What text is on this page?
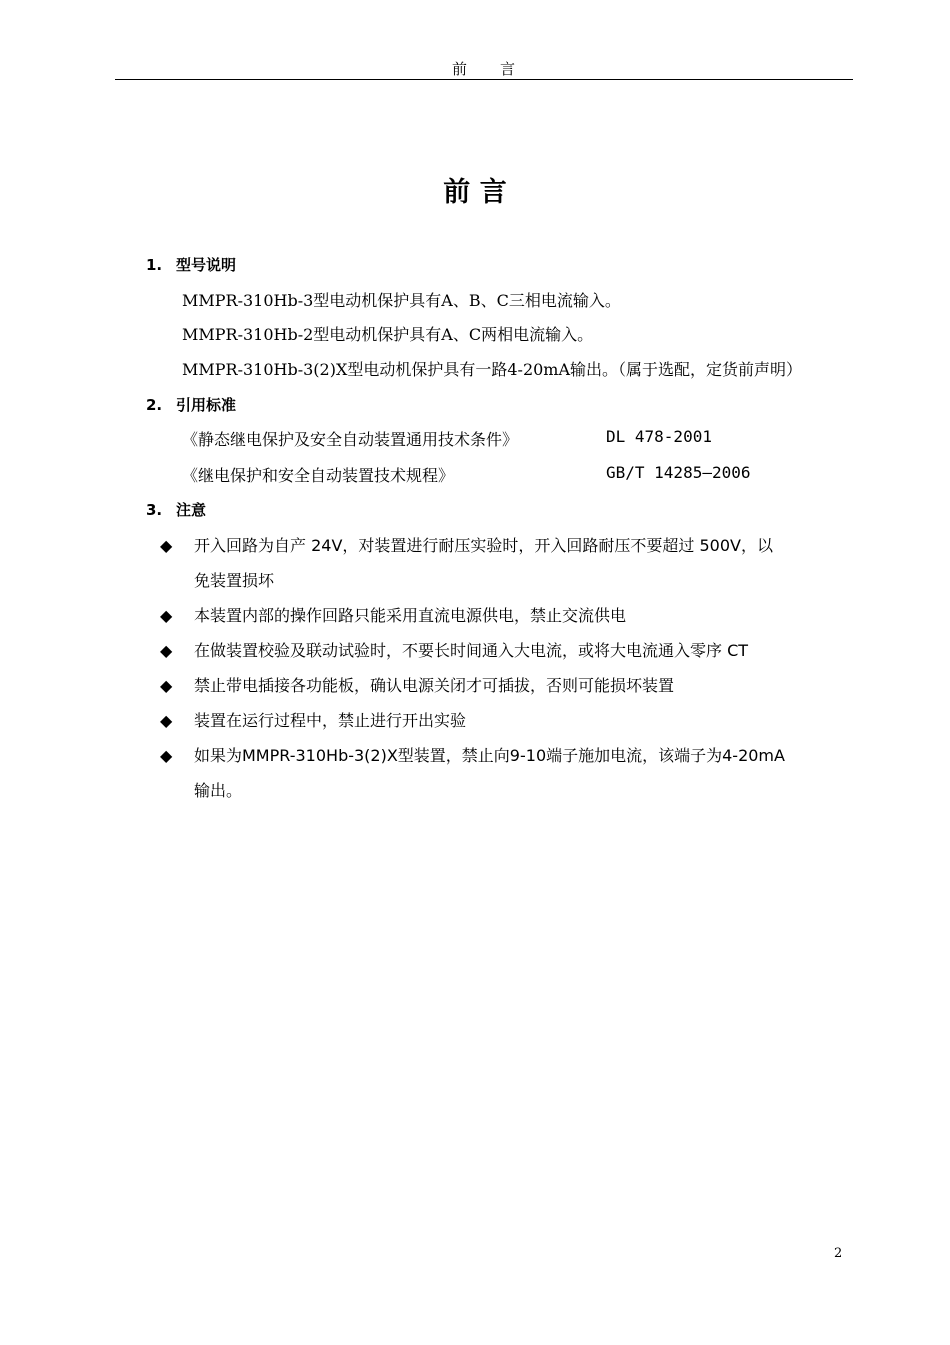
前　　言
前 言
1. 型号说明
MMPR-310Hb-3型电动机保护具有A、B、C三相电流输入。
MMPR-310Hb-2型电动机保护具有A、C两相电流输入。
MMPR-310Hb-3(2)X型电动机保护具有一路4-20mA输出。（属于选配，定货前声明）
2. 引用标准
《静态继电保护及安全自动装置通用技术条件》	DL 478-2001
《继电保护和安全自动装置技术规程》	GB/T 14285—2006
3. 注意
◆ 开入回路为自产 24V，对装置进行耐压实验时，开入回路耐压不要超过 500V，以
免装置损坏
◆ 本装置内部的操作回路只能采用直流电源供电，禁止交流供电
◆ 在做装置校验及联动试验时，不要长时间通入大电流，或将大电流通入零序 CT
◆ 禁止带电插接各功能板，确认电源关闭才可插拔，否则可能损坏装置
◆ 装置在运行过程中，禁止进行开出实验
◆ 如果为MMPR-310Hb-3(2)X型装置，禁止向9-10端子施加电流，该端子为4-20mA
输出。
2
